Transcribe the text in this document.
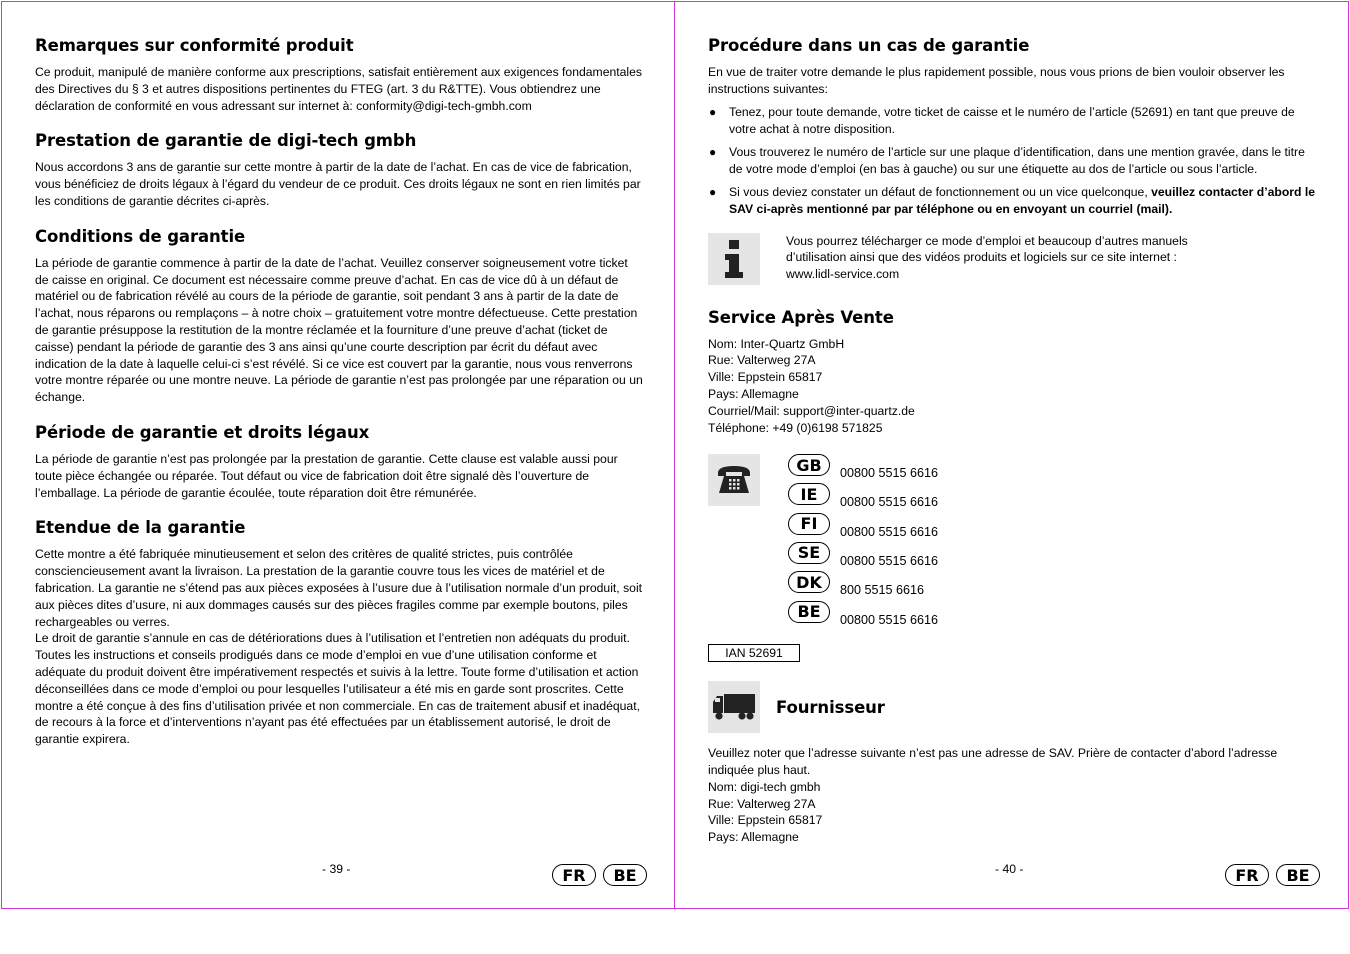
Remarques sur conformité produit

Ce produit, manipulé de manière conforme aux prescriptions, satisfait entièrement aux exigences fondamentales des Directives du § 3 et autres dispositions pertinentes du FTEG (art. 3 du R&TTE). Vous obtiendrez une déclaration de conformité en vous adressant sur internet à: conformity@digi-tech-gmbh.com

Prestation de garantie de digi-tech gmbh

Nous accordons 3 ans de garantie sur cette montre à partir de la date de l’achat. En cas de vice de fabrication, vous bénéficiez de droits légaux à l’égard du vendeur de ce produit. Ces droits légaux ne sont en rien limités par les conditions de garantie décrites ci-après.

Conditions de garantie

La période de garantie commence à partir de la date de l’achat. Veuillez conserver soigneusement votre ticket de caisse en original. Ce document est nécessaire comme preuve d’achat. En cas de vice dû à un défaut de matériel ou de fabrication révélé au cours de la période de garantie, soit pendant 3 ans à partir de la date de l’achat, nous réparons ou remplaçons – à notre choix – gratuitement votre montre défectueuse. Cette prestation de garantie présuppose la restitution de la montre réclamée et la fourniture d’une preuve d’achat (ticket de caisse) pendant la période de garantie des 3 ans ainsi qu’une courte description par écrit du défaut avec indication de la date à laquelle celui-ci s’est révélé. Si ce vice est couvert par la garantie, nous vous renverrons votre montre réparée ou une montre neuve. La période de garantie n’est pas prolongée par une réparation ou un échange.

Période de garantie et droits légaux

La période de garantie n’est pas prolongée par la prestation de garantie. Cette clause est valable aussi pour toute pièce échangée ou réparée. Tout défaut ou vice de fabrication doit être signalé dès l’ouverture de l’emballage. La période de garantie écoulée, toute réparation doit être rémunérée.

Etendue de la garantie

Cette montre a été fabriquée minutieusement et selon des critères de qualité strictes, puis contrôlée consciencieusement avant la livraison. La prestation de la garantie couvre tous les vices de matériel et de fabrication. La garantie ne s’étend pas aux pièces exposées à l’usure due à l’utilisation normale d’un produit, soit aux pièces dites d’usure, ni aux dommages causés sur des pièces fragiles comme par exemple boutons, piles rechargeables ou verres.

Le droit de garantie s’annule en cas de détériorations dues à l’utilisation et l’entretien non adéquats du produit. Toutes les instructions et conseils prodigués dans ce mode d’emploi en vue d’une utilisation conforme et adéquate du produit doivent être impérativement respectés et suivis à la lettre. Toute forme d’utilisation et action déconseillées dans ce mode d’emploi ou pour lesquelles l’utilisateur a été mis en garde sont proscrites. Cette montre a été conçue à des fins d’utilisation privée et non commerciale. En cas de traitement abusif et inadéquat, de recours à la force et d’interventions n’ayant pas été effectuées par un établissement autorisé, le droit de garantie expirera.

- 39 -	FR	BE
Procédure dans un cas de garantie

En vue de traiter votre demande le plus rapidement possible, nous vous prions de bien vouloir observer les instructions suivantes:

● Tenez, pour toute demande, votre ticket de caisse et le numéro de l’article (52691) en tant que preuve de votre achat à notre disposition.
● Vous trouverez le numéro de l’article sur une plaque d’identification, dans une mention gravée, dans le titre de votre mode d’emploi (en bas à gauche) ou sur une étiquette au dos de l’article ou sous l’article.
● Si vous deviez constater un défaut de fonctionnement ou un vice quelconque, veuillez contacter d’abord le SAV ci-après mentionné par par téléphone ou en envoyant un courriel (mail).

Vous pourrez télécharger ce mode d’emploi et beaucoup d’autres manuels d’utilisation ainsi que des vidéos produits et logiciels sur ce site internet : www.lidl-service.com

Service Après Vente

Nom: Inter-Quartz GmbH

Rue: Valterweg 27A

Ville: Eppstein 65817

Pays: Allemagne

Courriel/Mail: support@inter-quartz.de

Téléphone: +49 (0)6198 571825

GB	00800 5515 6616
IE	00800 5515 6616
FI	00800 5515 6616
SE	00800 5515 6616
DK	800 5515 6616
BE	00800 5515 6616
IAN 52691
Fournisseur

Veuillez noter que l’adresse suivante n’est pas une adresse de SAV. Prière de contacter d’abord l’adresse indiquée plus haut.

Nom: digi-tech gmbh

Rue: Valterweg 27A

Ville: Eppstein 65817

Pays: Allemagne

- 40 -	FR	BE
